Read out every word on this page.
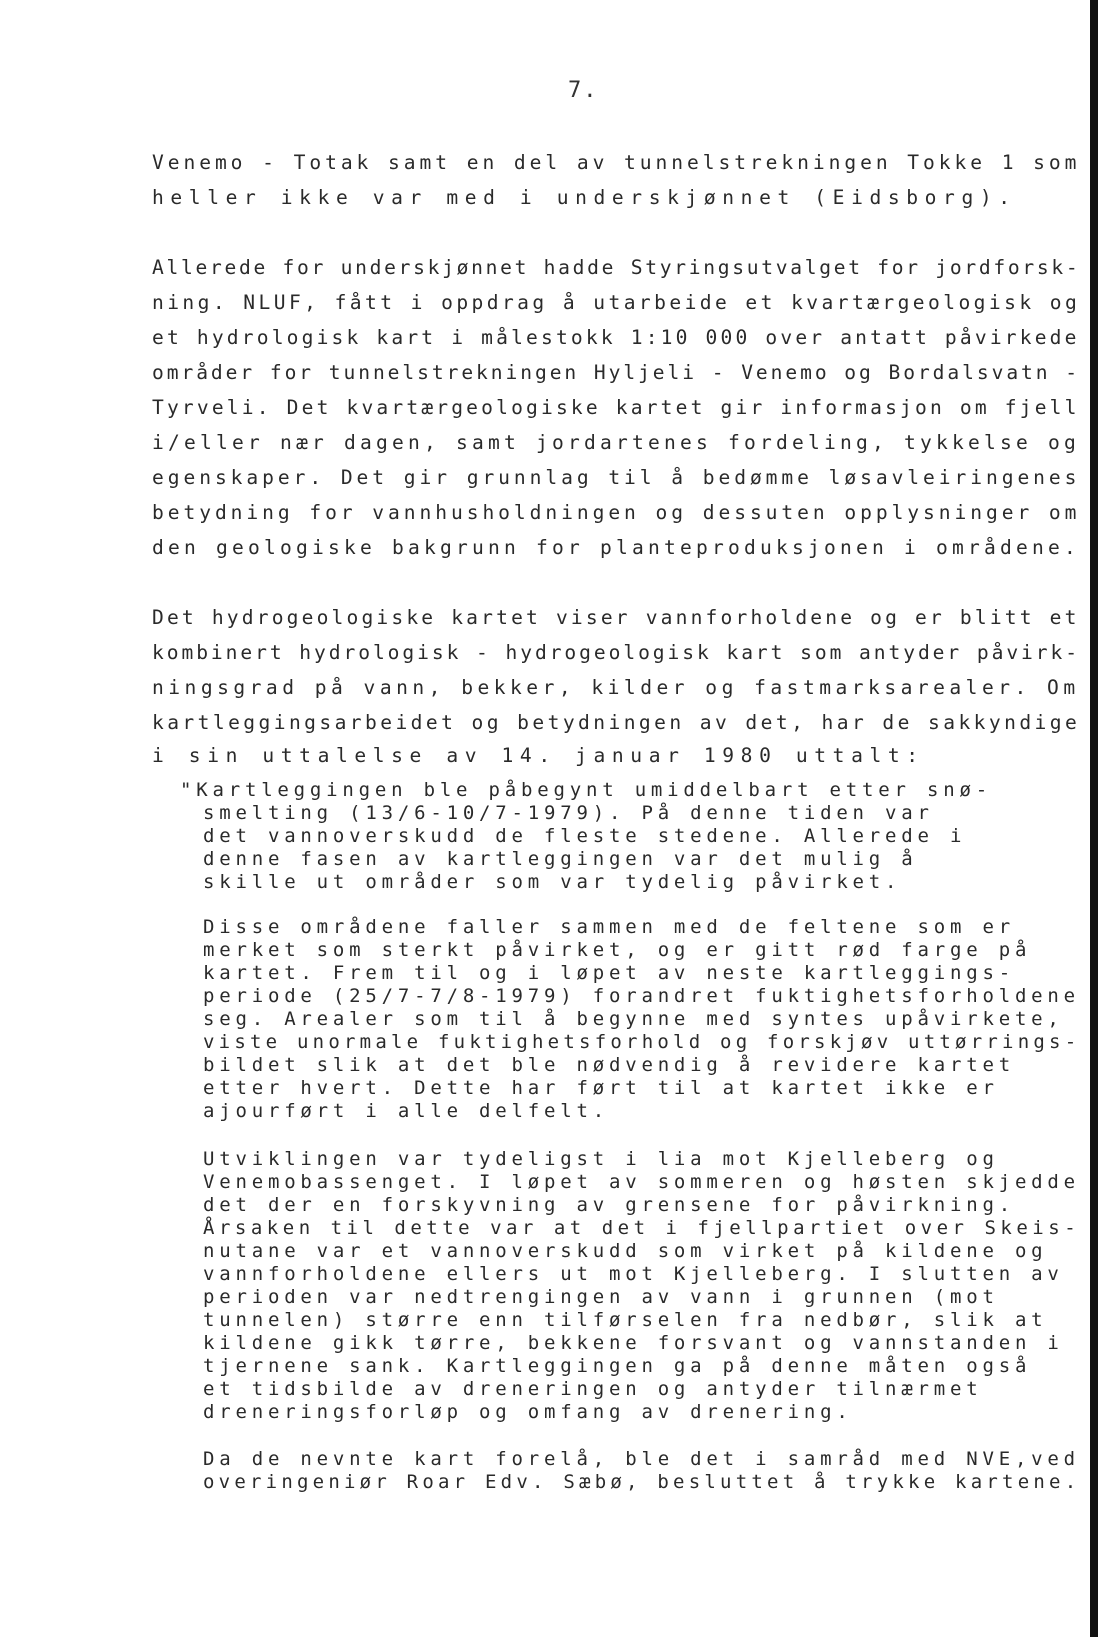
7.
Venemo - Totak samt en del av tunnelstrekningen Tokke 1 som
heller ikke var med i underskjønnet (Eidsborg).
Allerede for underskjønnet hadde Styringsutvalget for jordforsk-
ning. NLUF, fått i oppdrag å utarbeide et kvartærgeologisk og
et hydrologisk kart i målestokk 1:10 000 over antatt påvirkede
områder for tunnelstrekningen Hyljeli - Venemo og Bordalsvatn -
Tyrveli. Det kvartærgeologiske kartet gir informasjon om fjell
i/eller nær dagen, samt jordartenes fordeling, tykkelse og
egenskaper. Det gir grunnlag til å bedømme løsavleiringenes
betydning for vannhusholdningen og dessuten opplysninger om
den geologiske bakgrunn for planteproduksjonen i områdene.
Det hydrogeologiske kartet viser vannforholdene og er blitt et
kombinert hydrologisk - hydrogeologisk kart som antyder påvirk-
ningsgrad på vann, bekker, kilder og fastmarksarealer. Om
kartleggingsarbeidet og betydningen av det, har de sakkyndige
i sin uttalelse av 14. januar 1980 uttalt:
"Kartleggingen ble påbegynt umiddelbart etter snø-
smelting (13/6-10/7-1979). På denne tiden var
det vannoverskudd de fleste stedene. Allerede i
denne fasen av kartleggingen var det mulig å
skille ut områder som var tydelig påvirket.
Disse områdene faller sammen med de feltene som er
merket som sterkt påvirket, og er gitt rød farge på
kartet. Frem til og i løpet av neste kartleggings-
periode (25/7-7/8-1979) forandret fuktighetsforholdene
seg. Arealer som til å begynne med syntes upåvirkete,
viste unormale fuktighetsforhold og forskjøv uttørrings-
bildet slik at det ble nødvendig å revidere kartet
etter hvert. Dette har ført til at kartet ikke er
ajourført i alle delfelt.
Utviklingen var tydeligst i lia mot Kjelleberg og
Venemobassenget. I løpet av sommeren og høsten skjedde
det der en forskyvning av grensene for påvirkning.
Årsaken til dette var at det i fjellpartiet over Skeis-
nutane var et vannoverskudd som virket på kildene og
vannforholdene ellers ut mot Kjelleberg. I slutten av
perioden var nedtrengingen av vann i grunnen (mot
tunnelen) større enn tilførselen fra nedbør, slik at
kildene gikk tørre, bekkene forsvant og vannstanden i
tjernene sank. Kartleggingen ga på denne måten også
et tidsbilde av dreneringen og antyder tilnærmet
dreneringsforløp og omfang av drenering.
Da de nevnte kart forelå, ble det i samråd med NVE,ved
overingeniør Roar Edv. Sæbø, besluttet å trykke kartene.
